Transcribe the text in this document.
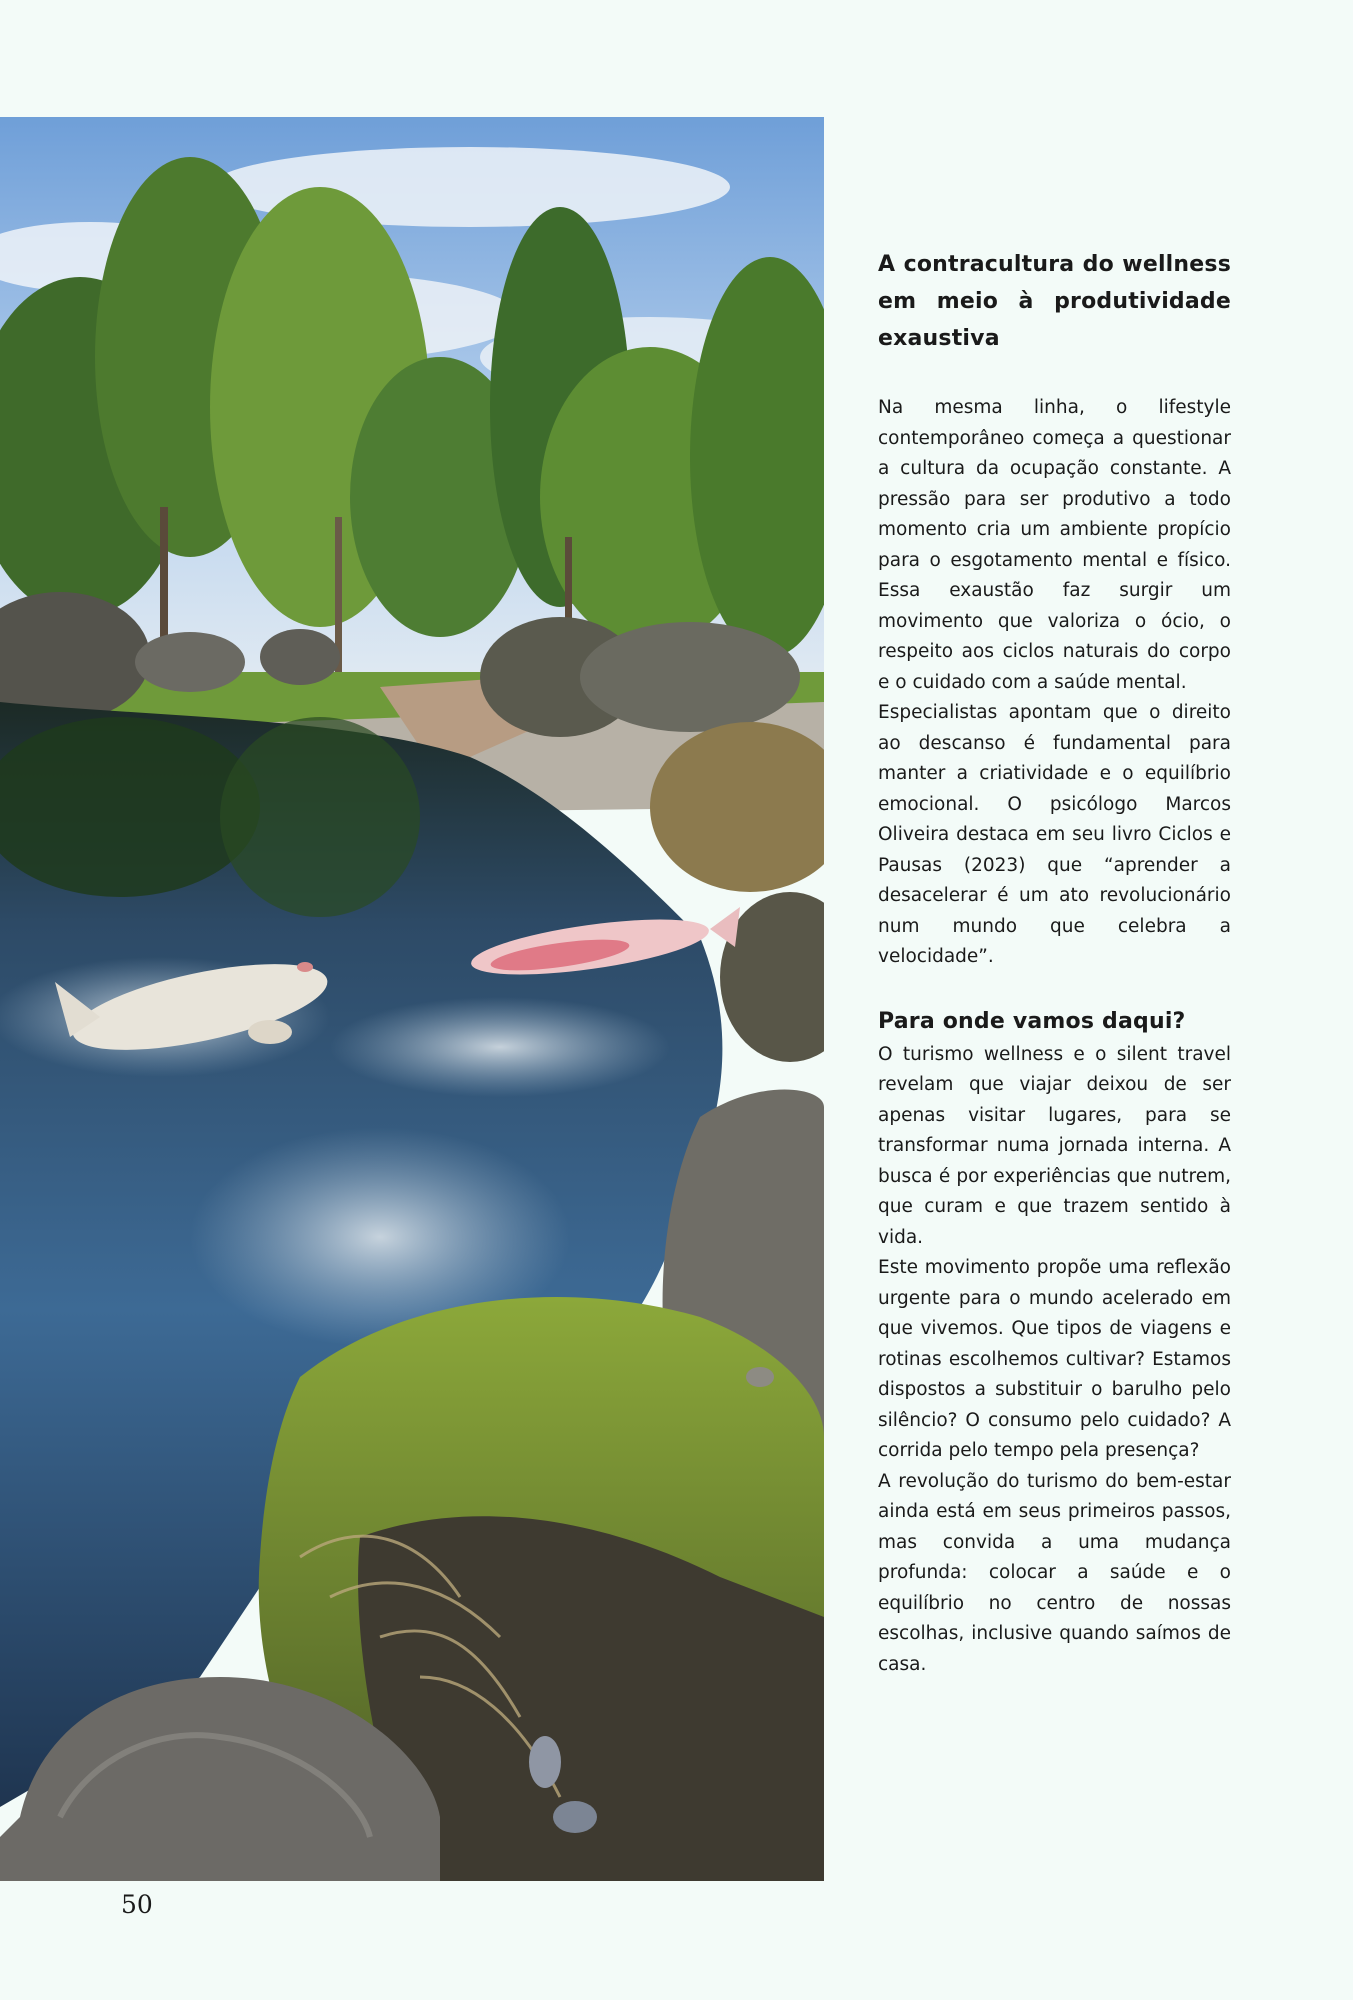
A contracultura do wellness em meio à produtividade exaustiva

Na mesma linha, o lifestyle contemporâneo começa a questionar a cultura da ocupação constante. A pressão para ser produtivo a todo momento cria um ambiente propício para o esgotamento mental e físico. Essa exaustão faz surgir um movimento que valoriza o ócio, o respeito aos ciclos naturais do corpo e o cuidado com a saúde mental.

Especialistas apontam que o direito ao descanso é fundamental para manter a criatividade e o equilíbrio emocional. O psicólogo Marcos Oliveira destaca em seu livro Ciclos e Pausas (2023) que “aprender a desacelerar é um ato revolucionário num mundo que celebra a velocidade”.

Para onde vamos daqui?

O turismo wellness e o silent travel revelam que viajar deixou de ser apenas visitar lugares, para se transformar numa jornada interna. A busca é por experiências que nutrem, que curam e que trazem sentido à vida.

Este movimento propõe uma reflexão urgente para o mundo acelerado em que vivemos. Que tipos de viagens e rotinas escolhemos cultivar? Estamos dispostos a substituir o barulho pelo silêncio? O consumo pelo cuidado? A corrida pelo tempo pela presença?

A revolução do turismo do bem-estar ainda está em seus primeiros passos, mas convida a uma mudança profunda: colocar a saúde e o equilíbrio no centro de nossas escolhas, inclusive quando saímos de casa.

50
